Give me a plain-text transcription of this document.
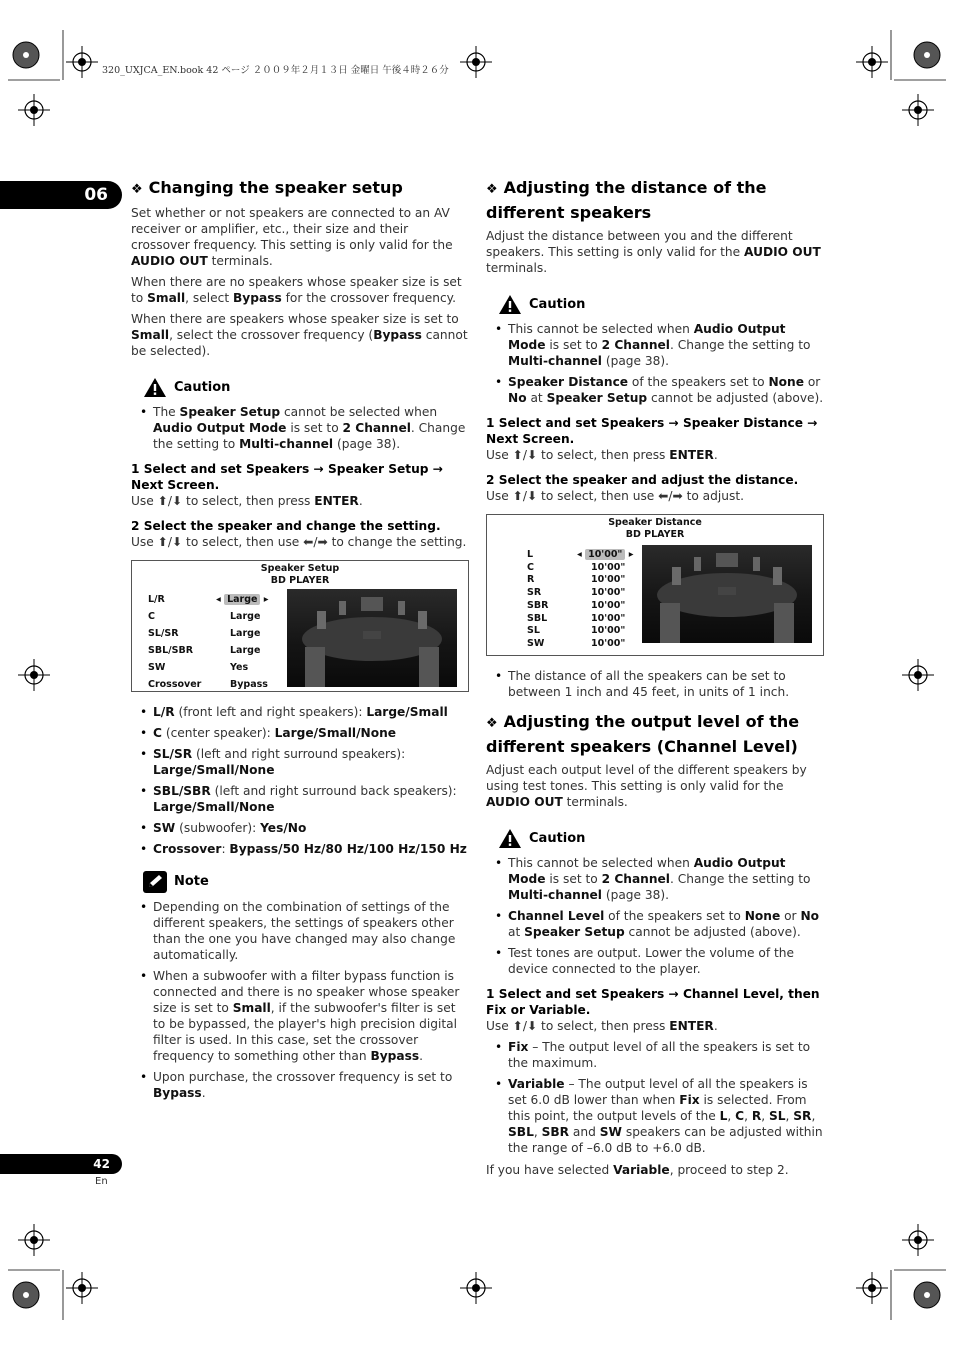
320_UXJCA_EN.book 42 ページ ２００９年２月１３日 金曜日 午後４時２６分
06
42
En
❖ Changing the speaker setup

Set whether or not speakers are connected to an AV receiver or amplifier, etc., their size and their crossover frequency. This setting is only valid for the AUDIO OUT terminals.

When there are no speakers whose speaker size is set to Small, select Bypass for the crossover frequency.

When there are speakers whose speaker size is set to Small, select the crossover frequency (Bypass cannot be selected).

Caution
• The Speaker Setup cannot be selected when Audio Output Mode is set to 2 Channel. Change the setting to Multi-channel (page 38).
1 Select and set Speakers → Speaker Setup → Next Screen.
Use ⬆/⬇ to select, then press ENTER.
2 Select the speaker and change the setting.
Use ⬆/⬇ to select, then use ⬅/➡ to change the setting.
Speaker Setup
BD PLAYER
L/R	◂ Large ▸
C	Large
SL/SR	Large
SBL/SBR	Large
SW	Yes
Crossover	Bypass
• L/R (front left and right speakers): Large/Small
• C (center speaker): Large/Small/None
• SL/SR (left and right surround speakers): Large/Small/None
• SBL/SBR (left and right surround back speakers): Large/Small/None
• SW (subwoofer): Yes/No
• Crossover: Bypass/50 Hz/80 Hz/100 Hz/150 Hz
Note
• Depending on the combination of settings of the different speakers, the settings of speakers other than the one you have changed may also change automatically.
• When a subwoofer with a filter bypass function is connected and there is no speaker whose speaker size is set to Small, if the subwoofer's filter is set to be bypassed, the player's high precision digital filter is used. In this case, set the crossover frequency to something other than Bypass.
• Upon purchase, the crossover frequency is set to Bypass.
❖ Adjusting the distance of the different speakers

Adjust the distance between you and the different speakers. This setting is only valid for the AUDIO OUT terminals.

Caution
• This cannot be selected when Audio Output Mode is set to 2 Channel. Change the setting to Multi-channel (page 38).
• Speaker Distance of the speakers set to None or No at Speaker Setup cannot be adjusted (above).
1 Select and set Speakers → Speaker Distance → Next Screen.
Use ⬆/⬇ to select, then press ENTER.
2 Select the speaker and adjust the distance.
Use ⬆/⬇ to select, then use ⬅/➡ to adjust.
Speaker Distance
BD PLAYER
L	◂ 10'00" ▸
C	10'00"
R	10'00"
SR	10'00"
SBR	10'00"
SBL	10'00"
SL	10'00"
SW	10'00"
• The distance of all the speakers can be set to between 1 inch and 45 feet, in units of 1 inch.
❖ Adjusting the output level of the different speakers (Channel Level)

Adjust each output level of the different speakers by using test tones. This setting is only valid for the AUDIO OUT terminals.

Caution
• This cannot be selected when Audio Output Mode is set to 2 Channel. Change the setting to Multi-channel (page 38).
• Channel Level of the speakers set to None or No at Speaker Setup cannot be adjusted (above).
• Test tones are output. Lower the volume of the device connected to the player.
1 Select and set Speakers → Channel Level, then Fix or Variable.
Use ⬆/⬇ to select, then press ENTER.
• Fix – The output level of all the speakers is set to the maximum.
• Variable – The output level of all the speakers is set 6.0 dB lower than when Fix is selected. From this point, the output levels of the L, C, R, SL, SR, SBL, SBR and SW speakers can be adjusted within the range of –6.0 dB to +6.0 dB.

If you have selected Variable, proceed to step 2.
